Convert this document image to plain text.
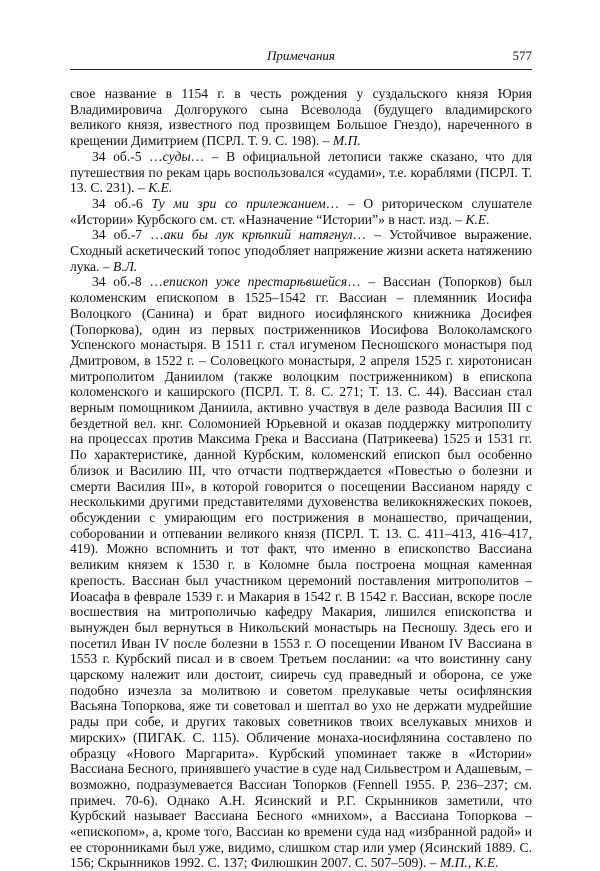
Примечания	577

свое название в 1154 г. в честь рождения у суздальского князя Юрия Владимировича Долгорукого сына Всеволода (будущего владимирского великого князя, известного под прозвищем Большое Гнездо), нареченного в крещении Димитрием (ПСРЛ. Т. 9. С. 198). – М.П.

34 об.-5 …суды… – В официальной летописи также сказано, что для путешествия по рекам царь воспользовался «судами», т.е. кораблями (ПСРЛ. Т. 13. С. 231). – К.Е.

34 об.-6 Ту ми зри со прилежанием… – О риторическом слушателе «Истории» Курбского см. ст. «Назначение “Истории”» в наст. изд. – К.Е.

34 об.-7 …аки бы лук крѣпкий натягнул… – Устойчивое выражение. Сходный аскетический топос уподобляет напряжение жизни аскета натяжению лука. – В.Л.

34 об.-8 …епископ уже престарѣвшейся… – Вассиан (Топорков) был коломенским епископом в 1525–1542 гг. Вассиан – племянник Иосифа Волоцкого (Санина) и брат видного иосифлянского книжника Досифея (Топоркова), один из первых постриженников Иосифова Волоколамского Успенского монастыря. В 1511 г. стал игуменом Песношского монастыря под Дмитровом, в 1522 г. – Соловецкого монастыря, 2 апреля 1525 г. хиротонисан митрополитом Даниилом (также волоцким постриженником) в епископа коломенского и каширского (ПСРЛ. Т. 8. С. 271; Т. 13. С. 44). Вассиан стал верным помощником Даниила, активно участвуя в деле развода Василия III с бездетной вел. кнг. Соломонией Юрьевной и оказав поддержку митрополиту на процессах против Максима Грека и Вассиана (Патрикеева) 1525 и 1531 гг. По характеристике, данной Курбским, коломенский епископ был особенно близок и Василию III, что отчасти подтверждается «Повестью о болезни и смерти Василия III», в которой говорится о посещении Вассианом наряду с несколькими другими представителями духовенства великокняжеских покоев, обсуждении с умирающим его пострижения в монашество, причащении, соборовании и отпевании великого князя (ПСРЛ. Т. 13. С. 411–413, 416–417, 419). Можно вспомнить и тот факт, что именно в епископство Вассиана великим князем к 1530 г. в Коломне была построена мощная каменная крепость. Вассиан был участником церемоний поставления митрополитов – Иоасафа в феврале 1539 г. и Макария в 1542 г. В 1542 г. Вассиан, вскоре после восшествия на митрополичью кафедру Макария, лишился епископства и вынужден был вернуться в Никольский монастырь на Песношу. Здесь его и посетил Иван IV после болезни в 1553 г. О посещении Иваном IV Вассиана в 1553 г. Курбский писал и в своем Третьем послании: «а что воистинну сану царскому належит или достоит, сииречь суд праведный и оборона, се уже подобно изчезла за молитвою и советом прелукавые четы осифлянския Васьяна Топоркова, яже ти советовал и шептал во ухо не держати мудрейшие рады при собе, и других таковых советников твоих вселукавых мнихов и мирских» (ПИГАК. С. 115). Обличение монаха-иосифлянина составлено по образцу «Нового Маргарита». Курбский упоминает также в «Истории» Вассиана Бесного, принявшего участие в суде над Сильвестром и Адашевым, – возможно, подразумевается Вассиан Топорков (Fennell 1955. P. 236–237; см. примеч. 70-6). Однако А.Н. Ясинский и Р.Г. Скрынников заметили, что Курбский называет Вассиана Бесного «мнихом», а Вассиана Топоркова – «епископом», а, кроме того, Вассиан ко времени суда над «избранной радой» и ее сторонниками был уже, видимо, слишком стар или умер (Ясинский 1889. С. 156; Скрынников 1992. С. 137; Филюшкин 2007. С. 507–509). – М.П., К.Е.
